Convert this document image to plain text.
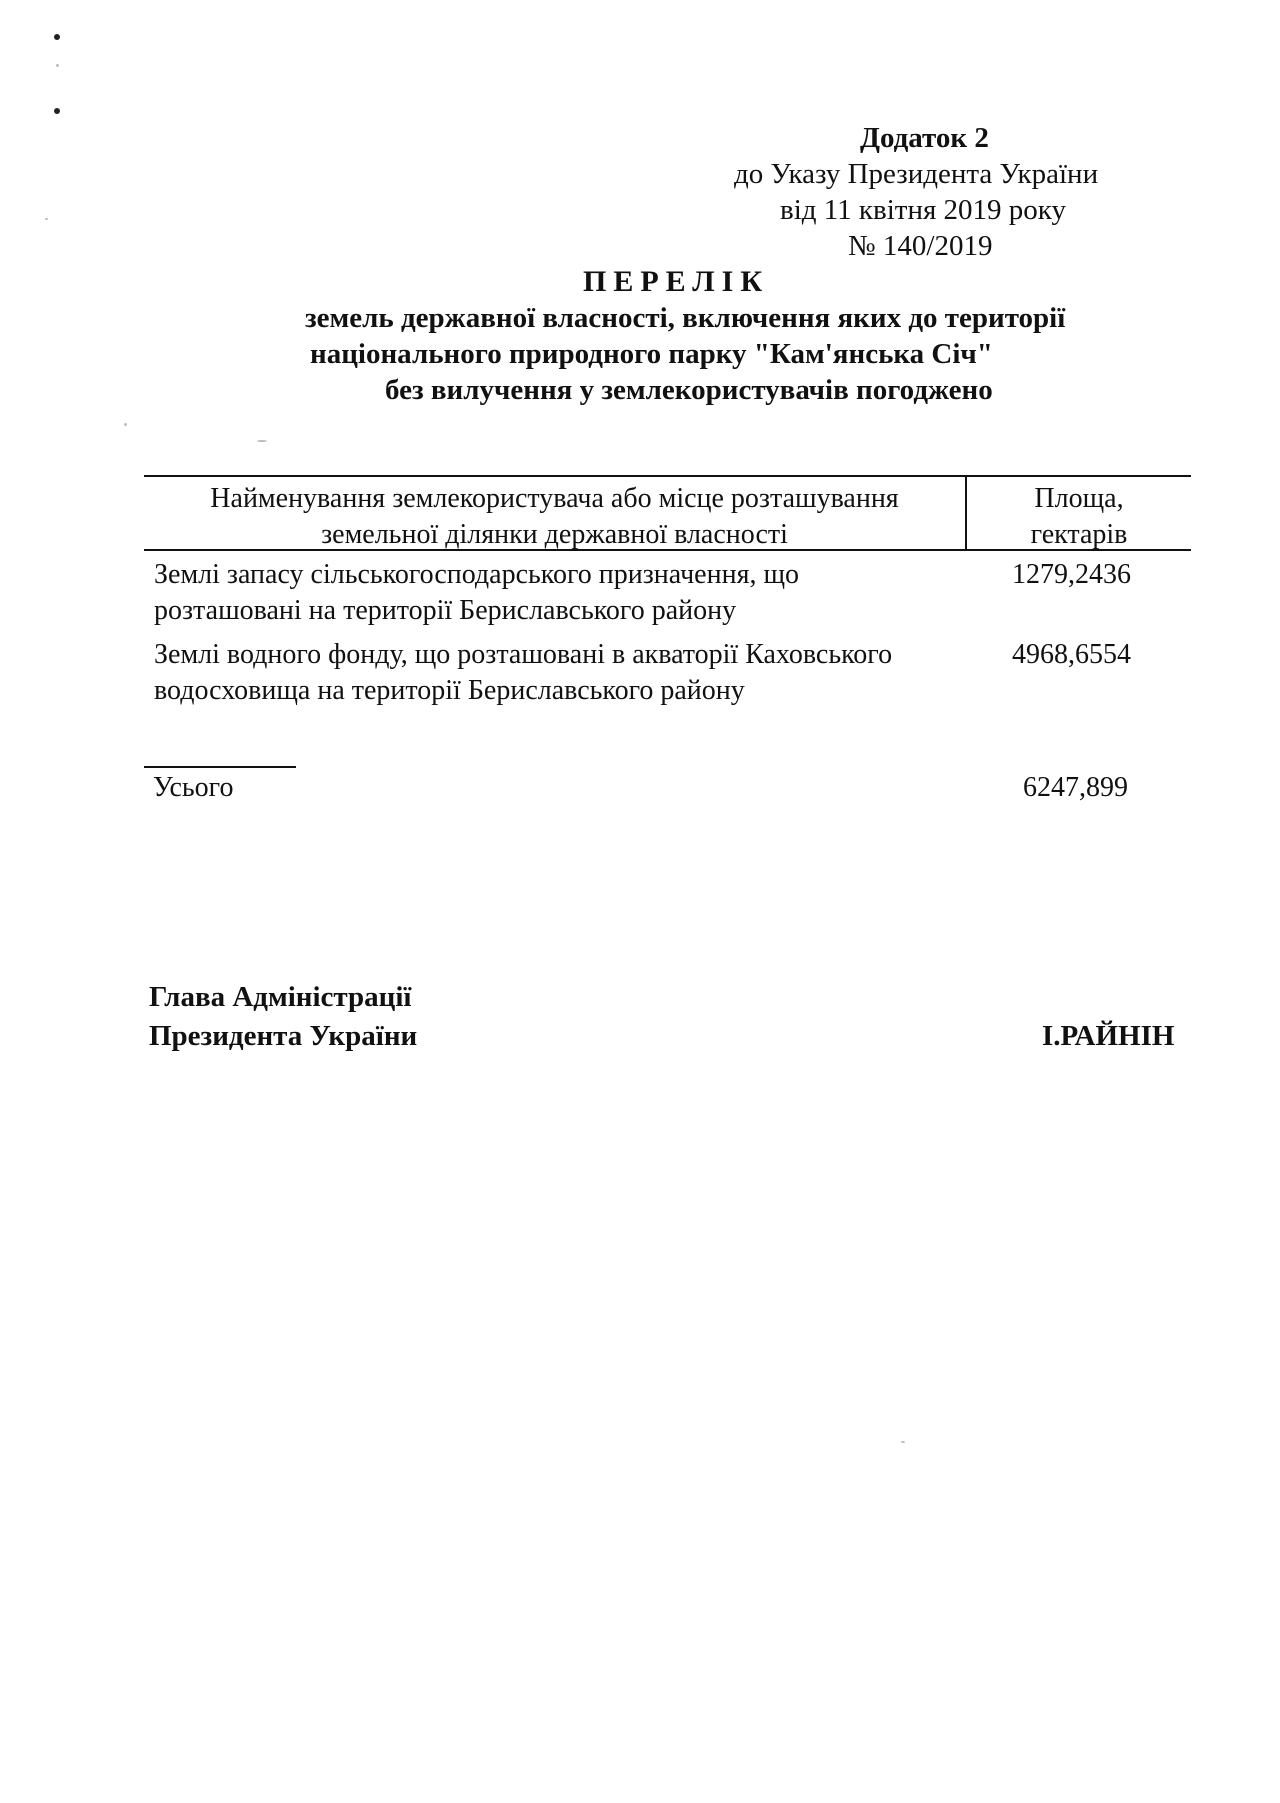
Додаток 2
до Указу Президента України
від 11 квітня 2019 року
№ 140/2019
ПЕРЕЛІК
земель державної власності, включення яких до території
національного природного парку "Кам'янська Січ"
без вилучення у землекористувачів погоджено
Найменування землекористувача або місце розташування
земельної ділянки державної власності
Площа,
гектарів
Землі запасу сільськогосподарського призначення, що
розташовані на території Бериславського району
1279,2436
Землі водного фонду, що розташовані в акваторії Каховського
водосховища на території Бериславського району
4968,6554
Усього	6247,899
Глава Адміністрації
Президента України	І.РАЙНІН
